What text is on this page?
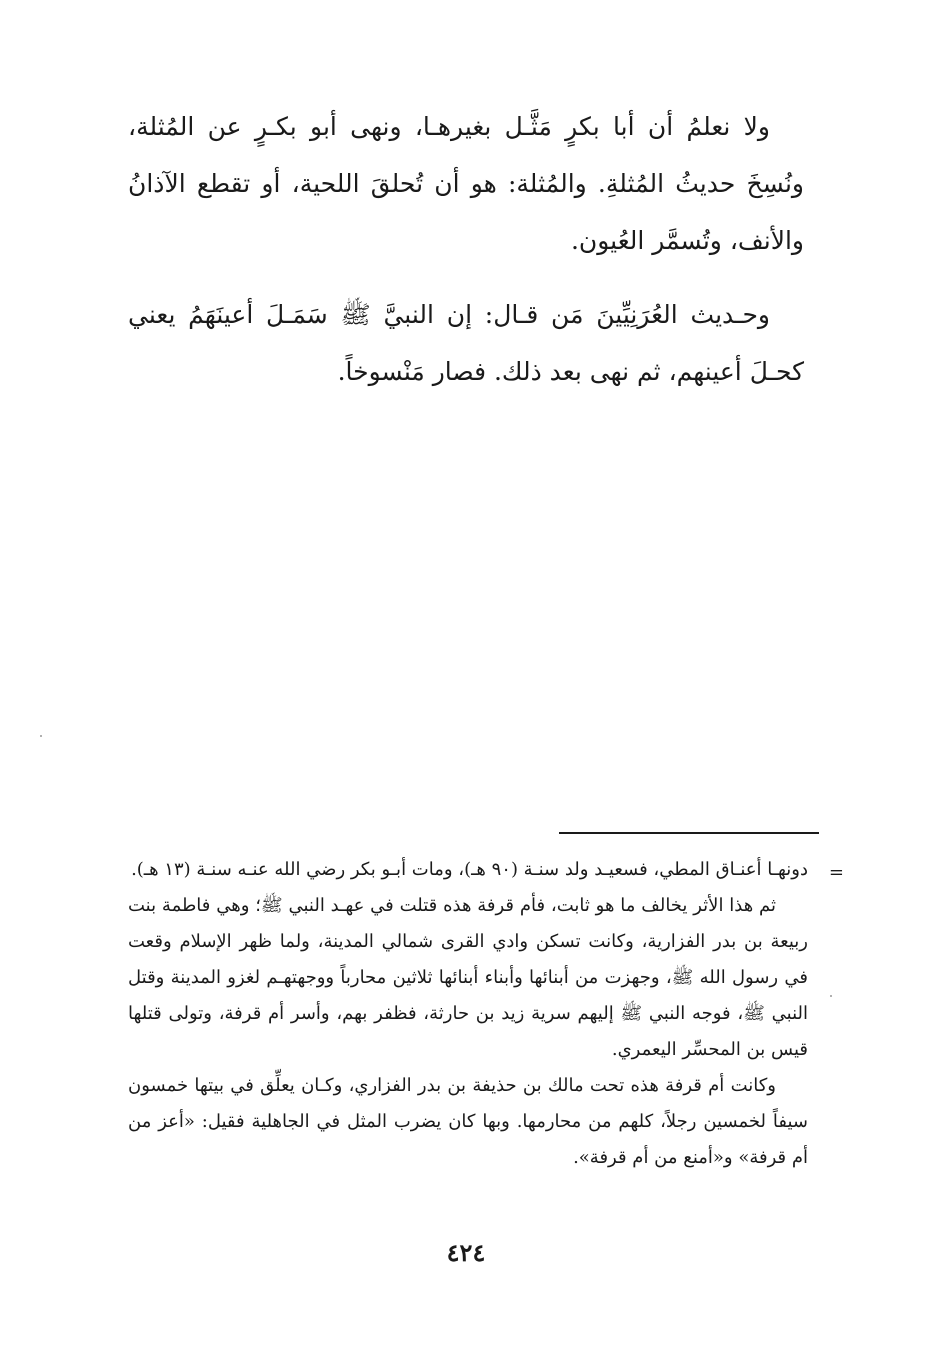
ولا نعلمُ أن أبا بكرٍ مَثَّـل بغيرهـا، ونهى أبو بكـرٍ عن المُثلة، ونُسِخَ حديثُ المُثلةِ. والمُثلة: هو أن تُحلقَ اللحية، أو تقطع الآذانُ والأنف، وتُسمَّر العُيون.

وحـديث العُرَنِيِّينَ مَن قـال: إن النبيَّ ﷺ سَمَـلَ أعينَهَمُ يعني كحـلَ أعينهم، ثم نهى بعد ذلك. فصار مَنْسوخاً.

=

دونهـا أعنـاق المطي، فسعيـد ولد سنـة (٩٠ هـ)، ومات أبـو بكر رضي الله عنـه سنـة (١٣ هـ).

ثم هذا الأثر يخالف ما هو ثابت، فأم قرفة هذه قتلت في عهـد النبي ﷺ؛ وهي فاطمة بنت ربيعة بن بدر الفزارية، وكانت تسكن وادي القرى شمالي المدينة، ولما ظهر الإسلام وقعت في رسول الله ﷺ، وجهزت من أبنائها وأبناء أبنائها ثلاثين محارباً ووجهتهـم لغزو المدينة وقتل النبي ﷺ، فوجه النبي ﷺ إليهم سرية زيد بن حارثة، فظفر بهم، وأسر أم قرفة، وتولى قتلها قيس بن المحسِّر اليعمري.

وكانت أم قرفة هذه تحت مالك بن حذيفة بن بدر الفزاري، وكـان يعلِّق في بيتها خمسون سيفاً لخمسين رجلاً، كلهم من محارمها. وبها كان يضرب المثل في الجاهلية فقيل: «أعز من أم قرفة» و«أمنع من أم قرفة».

٤٢٤
